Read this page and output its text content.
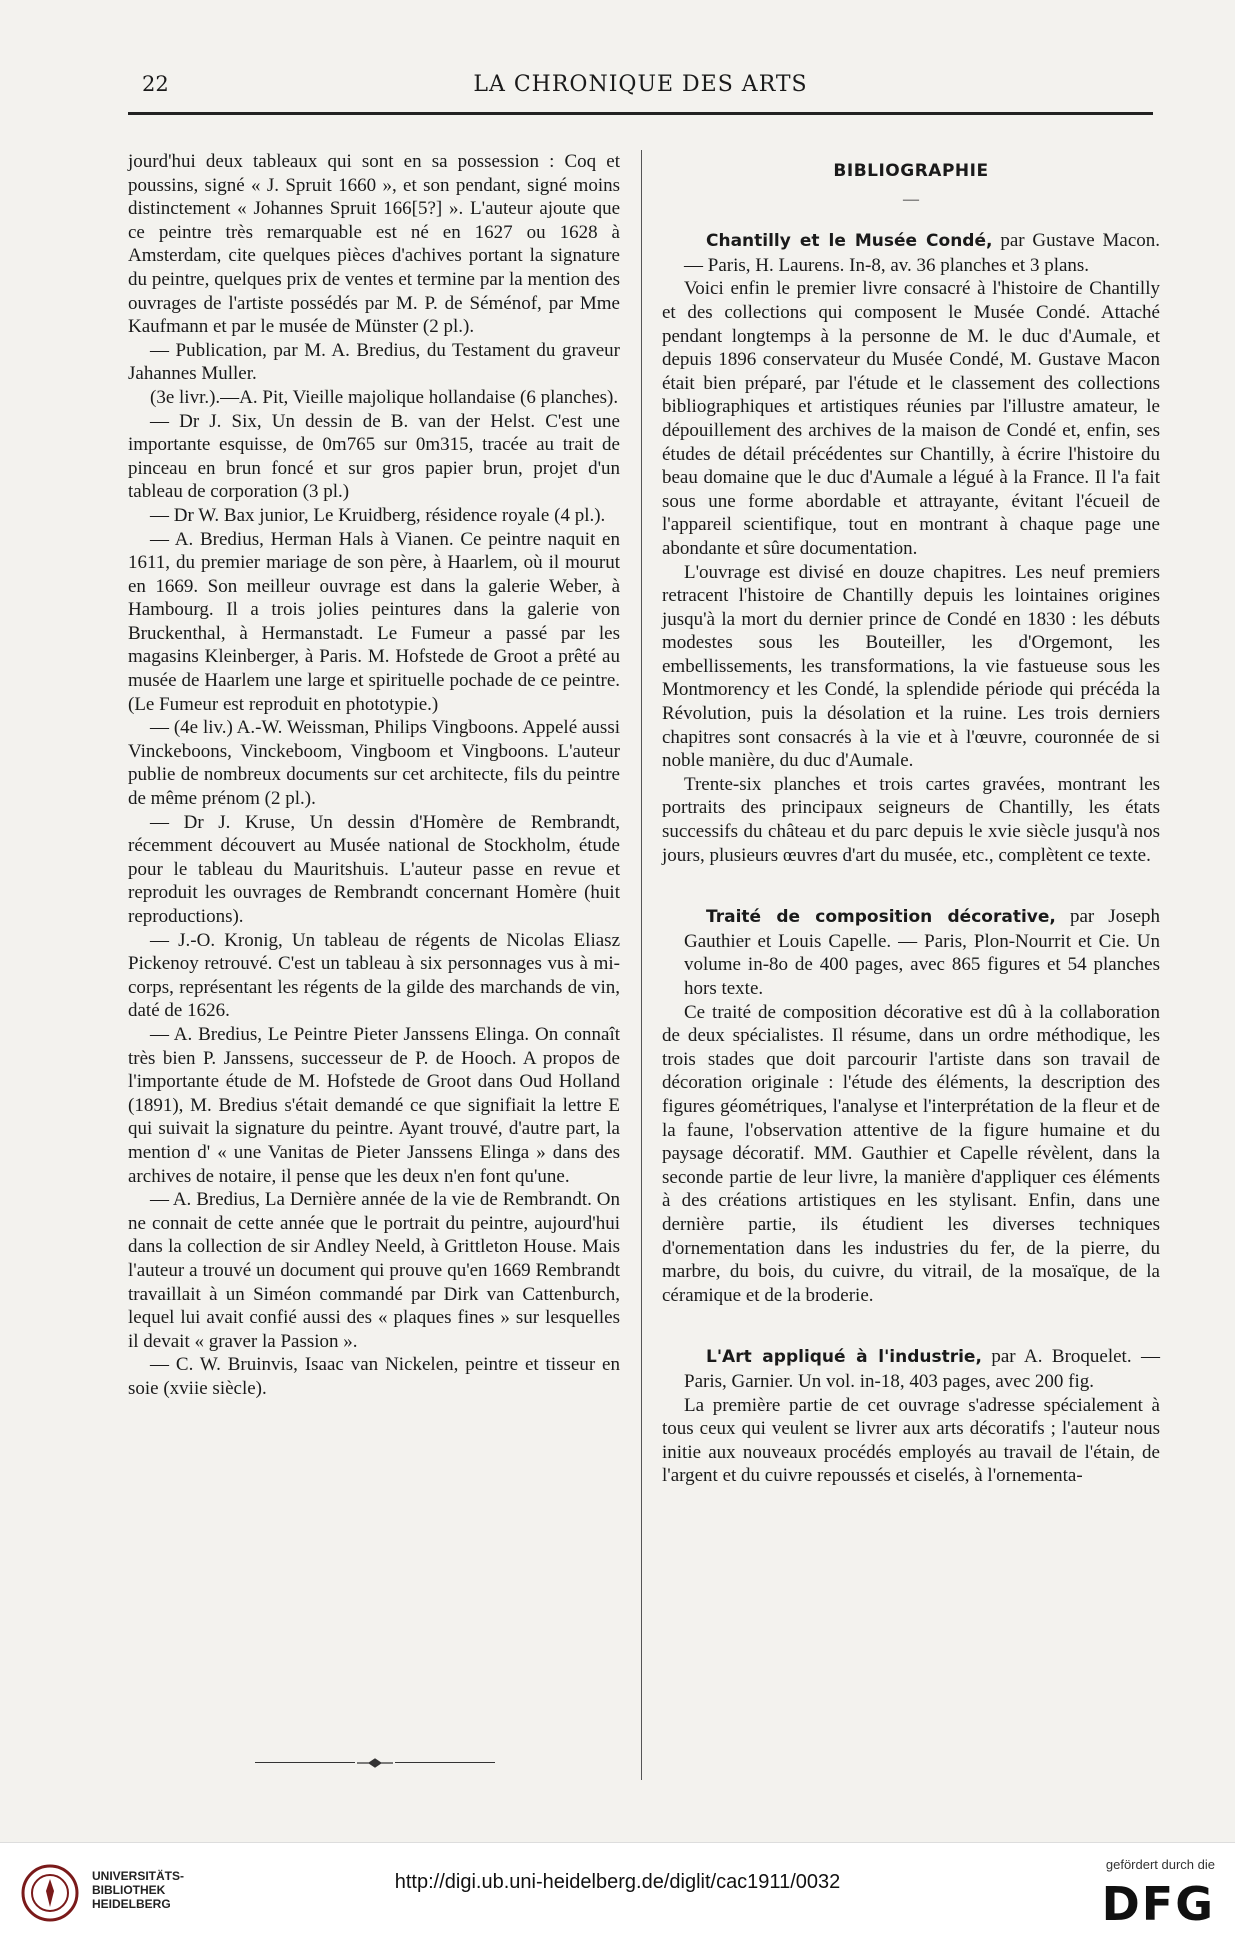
22	LA CHRONIQUE DES ARTS

jourd'hui deux tableaux qui sont en sa possession : Coq et poussins, signé « J. Spruit 1660 », et son pendant, signé moins distinctement « Johannes Spruit 166[5?] ». L'auteur ajoute que ce peintre très remarquable est né en 1627 ou 1628 à Amsterdam, cite quelques pièces d'achives portant la signature du peintre, quelques prix de ventes et termine par la mention des ouvrages de l'artiste possédés par M. P. de Séménof, par Mme Kaufmann et par le musée de Münster (2 pl.).

— Publication, par M. A. Bredius, du Testament du graveur Jahannes Muller.

(3e livr.).—A. Pit, Vieille majolique hollandaise (6 planches).

— Dr J. Six, Un dessin de B. van der Helst. C'est une importante esquisse, de 0m765 sur 0m315, tracée au trait de pinceau en brun foncé et sur gros papier brun, projet d'un tableau de corporation (3 pl.)

— Dr W. Bax junior, Le Kruidberg, résidence royale (4 pl.).

— A. Bredius, Herman Hals à Vianen. Ce peintre naquit en 1611, du premier mariage de son père, à Haarlem, où il mourut en 1669. Son meilleur ouvrage est dans la galerie Weber, à Hambourg. Il a trois jolies peintures dans la galerie von Bruckenthal, à Hermanstadt. Le Fumeur a passé par les magasins Kleinberger, à Paris. M. Hofstede de Groot a prêté au musée de Haarlem une large et spirituelle pochade de ce peintre. (Le Fumeur est reproduit en phototypie.)

— (4e liv.) A.-W. Weissman, Philips Vingboons. Appelé aussi Vinckeboons, Vinckeboom, Vingboom et Vingboons. L'auteur publie de nombreux documents sur cet architecte, fils du peintre de même prénom (2 pl.).

— Dr J. Kruse, Un dessin d'Homère de Rembrandt, récemment découvert au Musée national de Stockholm, étude pour le tableau du Mauritshuis. L'auteur passe en revue et reproduit les ouvrages de Rembrandt concernant Homère (huit reproductions).

— J.-O. Kronig, Un tableau de régents de Nicolas Eliasz Pickenoy retrouvé. C'est un tableau à six personnages vus à mi-corps, représentant les régents de la gilde des marchands de vin, daté de 1626.

— A. Bredius, Le Peintre Pieter Janssens Elinga. On connaît très bien P. Janssens, successeur de P. de Hooch. A propos de l'importante étude de M. Hofstede de Groot dans Oud Holland (1891), M. Bredius s'était demandé ce que signifiait la lettre E qui suivait la signature du peintre. Ayant trouvé, d'autre part, la mention d' « une Vanitas de Pieter Janssens Elinga » dans des archives de notaire, il pense que les deux n'en font qu'une.

— A. Bredius, La Dernière année de la vie de Rembrandt. On ne connait de cette année que le portrait du peintre, aujourd'hui dans la collection de sir Andley Neeld, à Grittleton House. Mais l'auteur a trouvé un document qui prouve qu'en 1669 Rembrandt travaillait à un Siméon commandé par Dirk van Cattenburch, lequel lui avait confié aussi des « plaques fines » sur lesquelles il devait « graver la Passion ».

— C. W. Bruinvis, Isaac van Nickelen, peintre et tisseur en soie (xviie siècle).

BIBLIOGRAPHIE
—

Chantilly et le Musée Condé, par Gustave Macon. — Paris, H. Laurens. In-8, av. 36 planches et 3 plans.

Voici enfin le premier livre consacré à l'histoire de Chantilly et des collections qui composent le Musée Condé. Attaché pendant longtemps à la personne de M. le duc d'Aumale, et depuis 1896 conservateur du Musée Condé, M. Gustave Macon était bien préparé, par l'étude et le classement des collections bibliographiques et artistiques réunies par l'illustre amateur, le dépouillement des archives de la maison de Condé et, enfin, ses études de détail précédentes sur Chantilly, à écrire l'histoire du beau domaine que le duc d'Aumale a légué à la France. Il l'a fait sous une forme abordable et attrayante, évitant l'écueil de l'appareil scientifique, tout en montrant à chaque page une abondante et sûre documentation.

L'ouvrage est divisé en douze chapitres. Les neuf premiers retracent l'histoire de Chantilly depuis les lointaines origines jusqu'à la mort du dernier prince de Condé en 1830 : les débuts modestes sous les Bouteiller, les d'Orgemont, les embellissements, les transformations, la vie fastueuse sous les Montmorency et les Condé, la splendide période qui précéda la Révolution, puis la désolation et la ruine. Les trois derniers chapitres sont consacrés à la vie et à l'œuvre, couronnée de si noble manière, du duc d'Aumale.

Trente-six planches et trois cartes gravées, montrant les portraits des principaux seigneurs de Chantilly, les états successifs du château et du parc depuis le xvie siècle jusqu'à nos jours, plusieurs œuvres d'art du musée, etc., complètent ce texte.

Traité de composition décorative, par Joseph Gauthier et Louis Capelle. — Paris, Plon-Nourrit et Cie. Un volume in-8o de 400 pages, avec 865 figures et 54 planches hors texte.

Ce traité de composition décorative est dû à la collaboration de deux spécialistes. Il résume, dans un ordre méthodique, les trois stades que doit parcourir l'artiste dans son travail de décoration originale : l'étude des éléments, la description des figures géométriques, l'analyse et l'interprétation de la fleur et de la faune, l'observation attentive de la figure humaine et du paysage décoratif. MM. Gauthier et Capelle révèlent, dans la seconde partie de leur livre, la manière d'appliquer ces éléments à des créations artistiques en les stylisant. Enfin, dans une dernière partie, ils étudient les diverses techniques d'ornementation dans les industries du fer, de la pierre, du marbre, du bois, du cuivre, du vitrail, de la mosaïque, de la céramique et de la broderie.

L'Art appliqué à l'industrie, par A. Broquelet. — Paris, Garnier. Un vol. in-18, 403 pages, avec 200 fig.

La première partie de cet ouvrage s'adresse spécialement à tous ceux qui veulent se livrer aux arts décoratifs ; l'auteur nous initie aux nouveaux procédés employés au travail de l'étain, de l'argent et du cuivre repoussés et ciselés, à l'ornementa-

UNIVERSITÄTS-
BIBLIOTHEK
HEIDELBERG
http://digi.ub.uni-heidelberg.de/diglit/cac1911/0032
gefördert durch die
DFG
